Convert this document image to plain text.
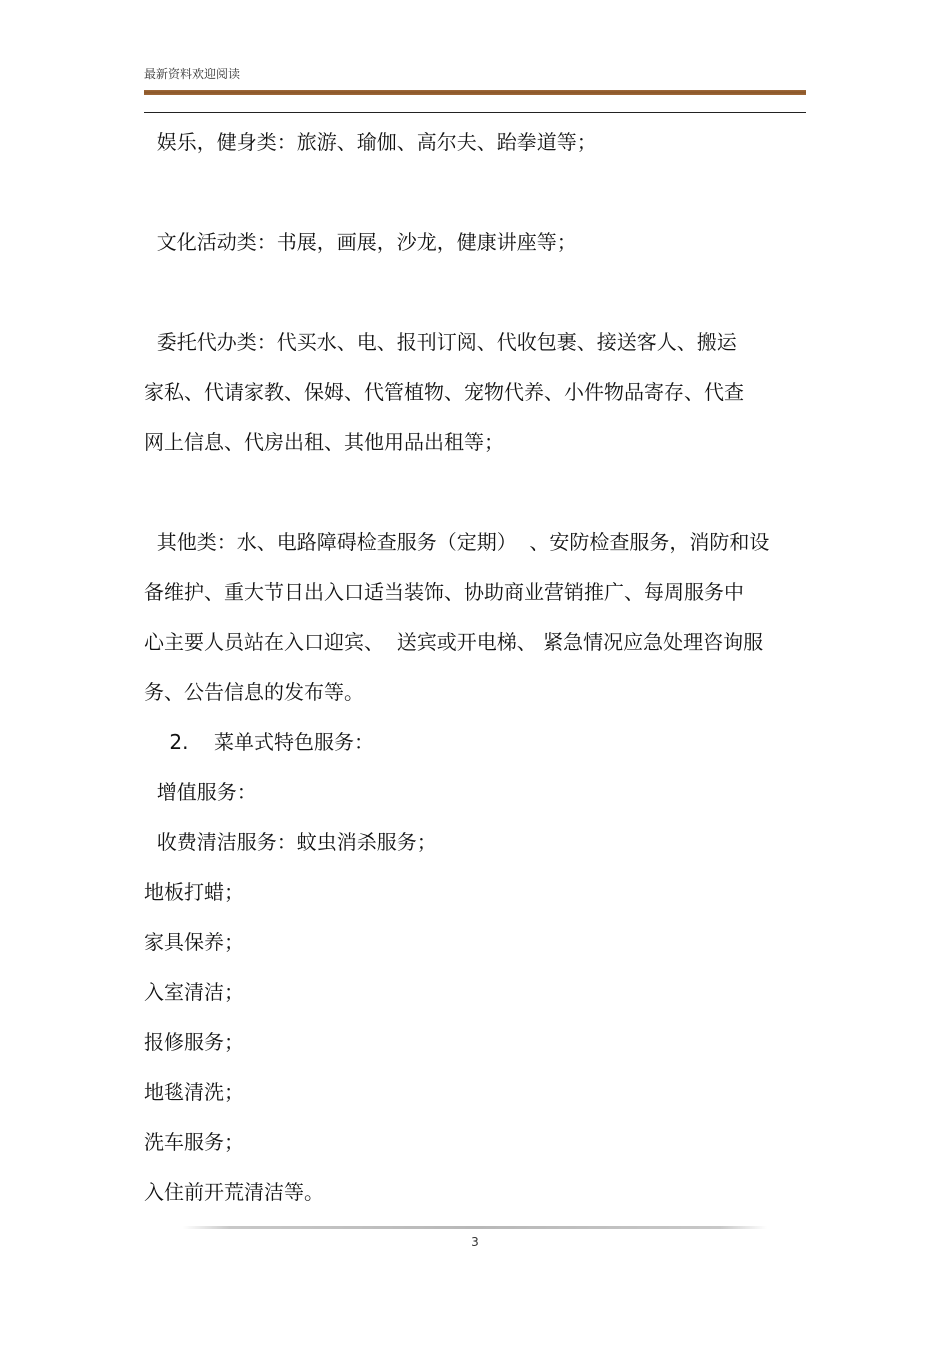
最新资料欢迎阅读
娱乐，健身类：旅游、瑜伽、高尔夫、跆拳道等；
文化活动类：书展，画展，沙龙，健康讲座等；
委托代办类：代买水、电、报刊订阅、代收包裹、接送客人、搬运
家私、代请家教、保姆、代管植物、宠物代养、小件物品寄存、代查
网上信息、代房出租、其他用品出租等；
其他类：水、电路障碍检查服务（定期）  、安防检查服务，消防和设
备维护、重大节日出入口适当装饰、协助商业营销推广、每周服务中
心主要人员站在入口迎宾、  送宾或开电梯、 紧急情况应急处理咨询服
务、公告信息的发布等。
2.    菜单式特色服务：
增值服务：
收费清洁服务：蚊虫消杀服务；
地板打蜡；
家具保养；
入室清洁；
报修服务；
地毯清洗；
洗车服务；
入住前开荒清洁等。
3
